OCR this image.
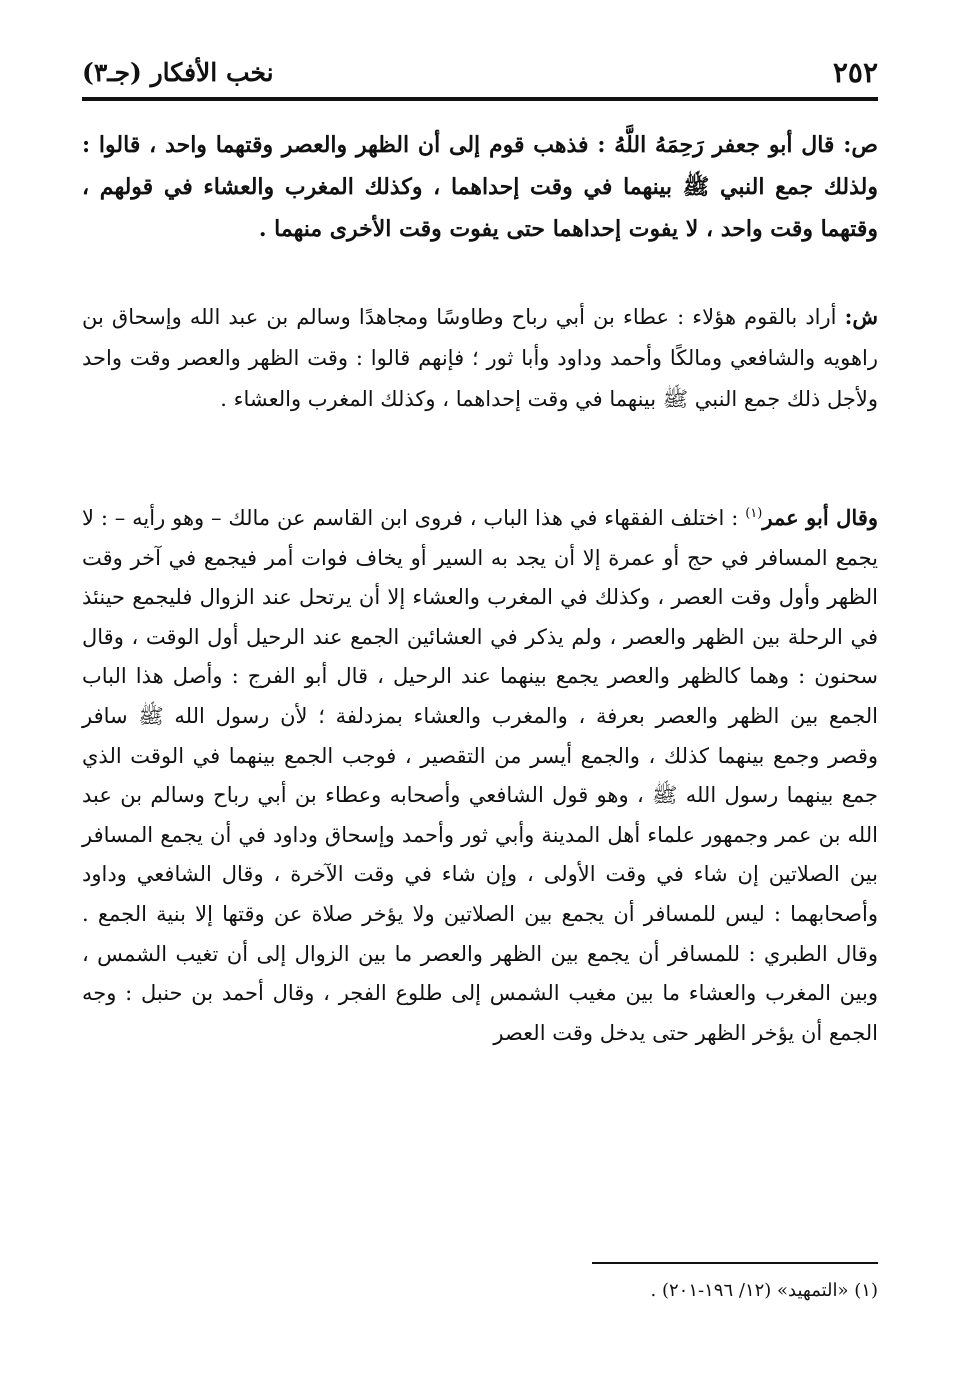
٢٥٢
نخب الأفكار (جـ٣)

ص: قال أبو جعفر رَحِمَهُ اللَّهُ : فذهب قوم إلى أن الظهر والعصر وقتهما واحد ، قالوا : ولذلك جمع النبي ﷺ بينهما في وقت إحداهما ، وكذلك المغرب والعشاء في قولهم ، وقتهما وقت واحد ، لا يفوت إحداهما حتى يفوت وقت الأخرى منهما .

ش: أراد بالقوم هؤلاء : عطاء بن أبي رباح وطاوسًا ومجاهدًا وسالم بن عبد الله وإسحاق بن راهويه والشافعي ومالكًا وأحمد وداود وأبا ثور ؛ فإنهم قالوا : وقت الظهر والعصر وقت واحد ولأجل ذلك جمع النبي ﷺ بينهما في وقت إحداهما ، وكذلك المغرب والعشاء .

وقال أبو عمر$^{(١)}$ : اختلف الفقهاء في هذا الباب ، فروى ابن القاسم عن مالك – وهو رأيه – : لا يجمع المسافر في حج أو عمرة إلا أن يجد به السير أو يخاف فوات أمر فيجمع في آخر وقت الظهر وأول وقت العصر ، وكذلك في المغرب والعشاء إلا أن يرتحل عند الزوال فليجمع حينئذ في الرحلة بين الظهر والعصر ، ولم يذكر في العشائين الجمع عند الرحيل أول الوقت ، وقال سحنون : وهما كالظهر والعصر يجمع بينهما عند الرحيل ، قال أبو الفرج : وأصل هذا الباب الجمع بين الظهر والعصر بعرفة ، والمغرب والعشاء بمزدلفة ؛ لأن رسول الله ﷺ سافر وقصر وجمع بينهما كذلك ، والجمع أيسر من التقصير ، فوجب الجمع بينهما في الوقت الذي جمع بينهما رسول الله ﷺ ، وهو قول الشافعي وأصحابه وعطاء بن أبي رباح وسالم بن عبد الله بن عمر وجمهور علماء أهل المدينة وأبي ثور وأحمد وإسحاق وداود في أن يجمع المسافر بين الصلاتين إن شاء في وقت الأولى ، وإن شاء في وقت الآخرة ، وقال الشافعي وداود وأصحابهما : ليس للمسافر أن يجمع بين الصلاتين ولا يؤخر صلاة عن وقتها إلا بنية الجمع . وقال الطبري : للمسافر أن يجمع بين الظهر والعصر ما بين الزوال إلى أن تغيب الشمس ، وبين المغرب والعشاء ما بين مغيب الشمس إلى طلوع الفجر ، وقال أحمد بن حنبل : وجه الجمع أن يؤخر الظهر حتى يدخل وقت العصر

(١) «التمهيد» (١٢/ ١٩٦-٢٠١) .
